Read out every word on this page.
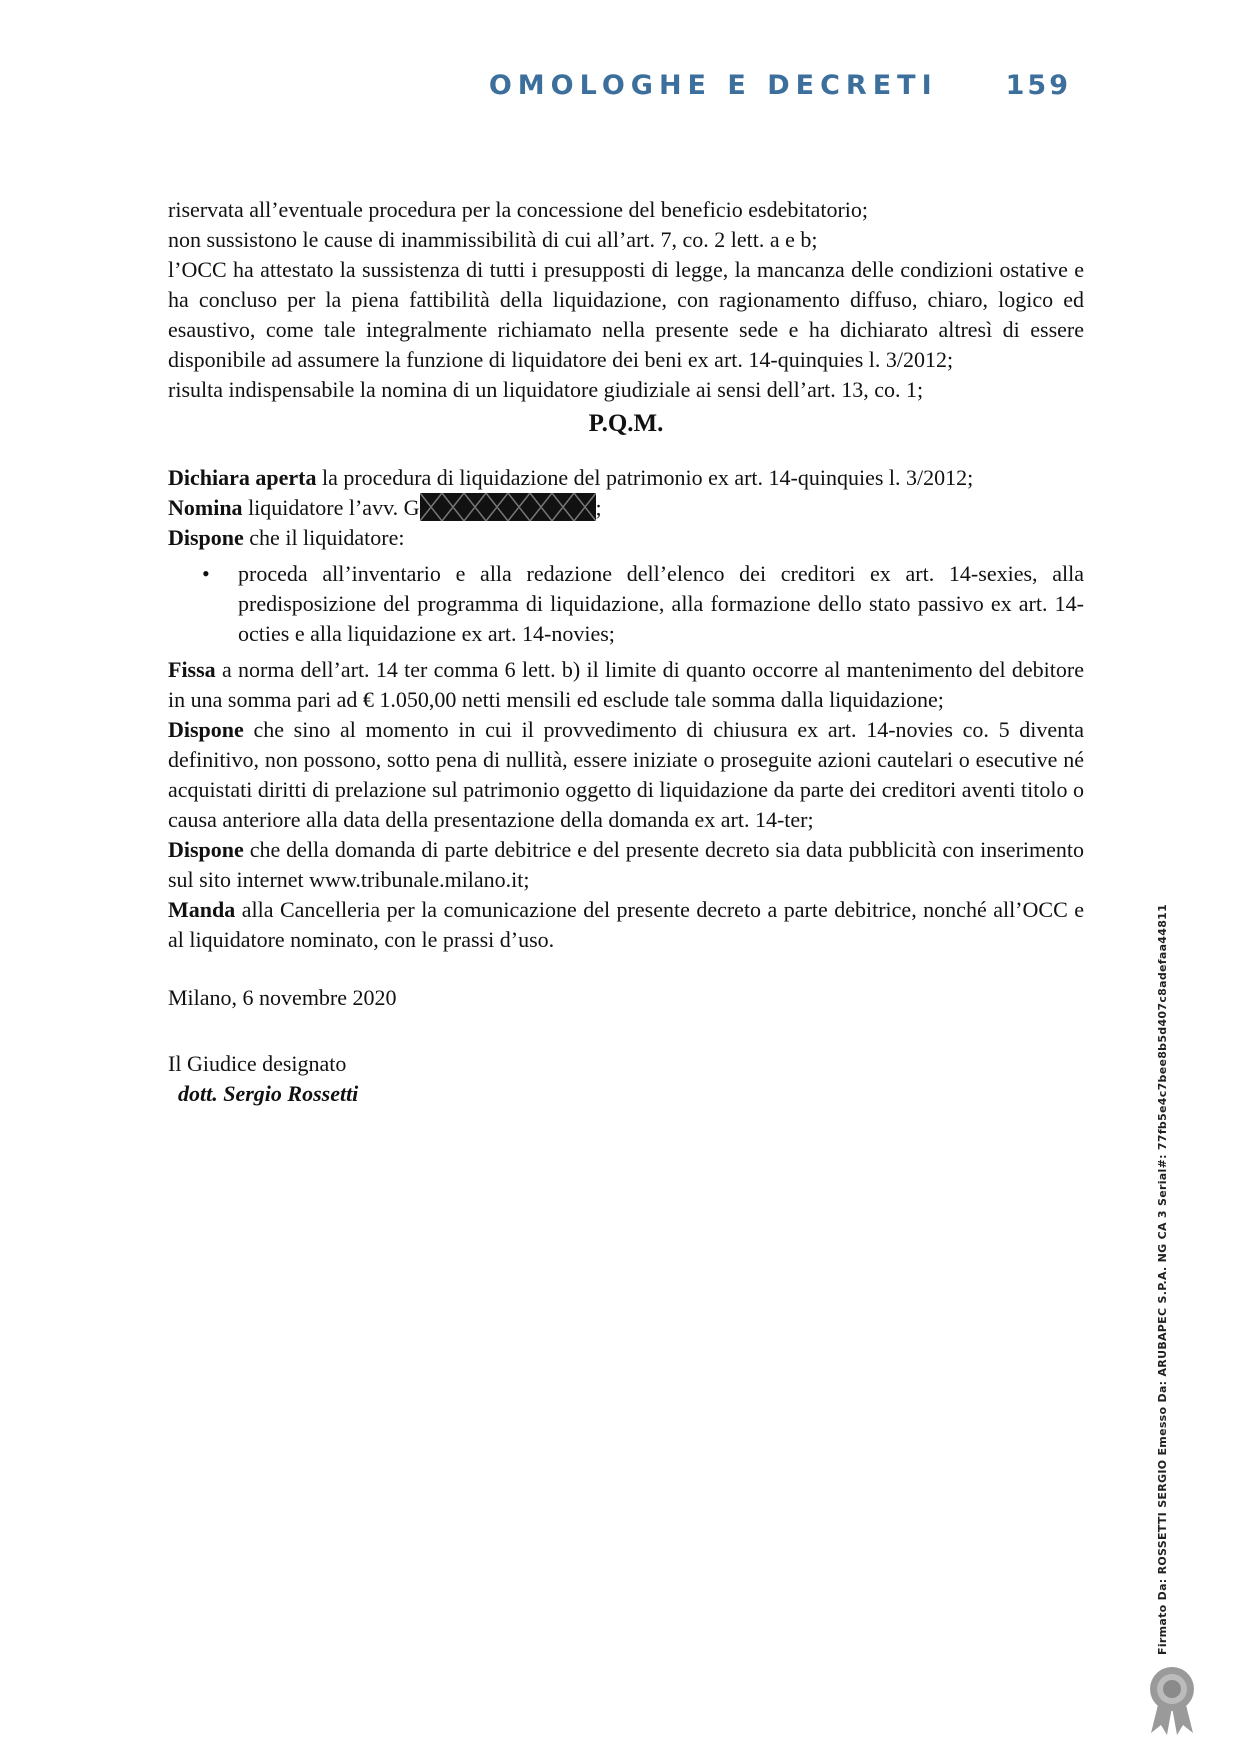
OMOLOGHE E DECRETI	159

riservata all’eventuale procedura per la concessione del beneficio esdebitatorio;

non sussistono le cause di inammissibilità di cui all’art. 7, co. 2 lett. a e b;

l’OCC ha attestato la sussistenza di tutti i presupposti di legge, la mancanza delle condizioni ostative e ha concluso per la piena fattibilità della liquidazione, con ragionamento diffuso, chiaro, logico ed esaustivo, come tale integralmente richiamato nella presente sede e ha dichiarato altresì di essere disponibile ad assumere la funzione di liquidatore dei beni ex art. 14-quinquies l. 3/2012;

risulta indispensabile la nomina di un liquidatore giudiziale ai sensi dell’art. 13, co. 1;

P.Q.M.

Dichiara aperta la procedura di liquidazione del patrimonio ex art. 14-quinquies l. 3/2012;

Nomina liquidatore l’avv. G	;

Dispone che il liquidatore:

• proceda all’inventario e alla redazione dell’elenco dei creditori ex art. 14-sexies, alla predisposizione del programma di liquidazione, alla formazione dello stato passivo ex art. 14-octies e alla liquidazione ex art. 14-novies;

Fissa a norma dell’art. 14 ter comma 6 lett. b) il limite di quanto occorre al mantenimento del debitore in una somma pari ad € 1.050,00 netti mensili ed esclude tale somma dalla liquidazione;

Dispone che sino al momento in cui il provvedimento di chiusura ex art. 14-novies co. 5 diventa definitivo, non possono, sotto pena di nullità, essere iniziate o proseguite azioni cautelari o esecutive né acquistati diritti di prelazione sul patrimonio oggetto di liquidazione da parte dei creditori aventi titolo o causa anteriore alla data della presentazione della domanda ex art. 14-ter;

Dispone che della domanda di parte debitrice e del presente decreto sia data pubblicità con inserimento sul sito internet www.tribunale.milano.it;

Manda alla Cancelleria per la comunicazione del presente decreto a parte debitrice, nonché all’OCC e al liquidatore nominato, con le prassi d’uso.

Milano, 6 novembre 2020

Il Giudice designato

dott. Sergio Rossetti	Firmato Da: ROSSETTI SERGIO Emesso Da: ARUBAPEC S.P.A. NG CA 3 Serial#: 77fb5e4c7bee8b5d407c8adefaa44811
